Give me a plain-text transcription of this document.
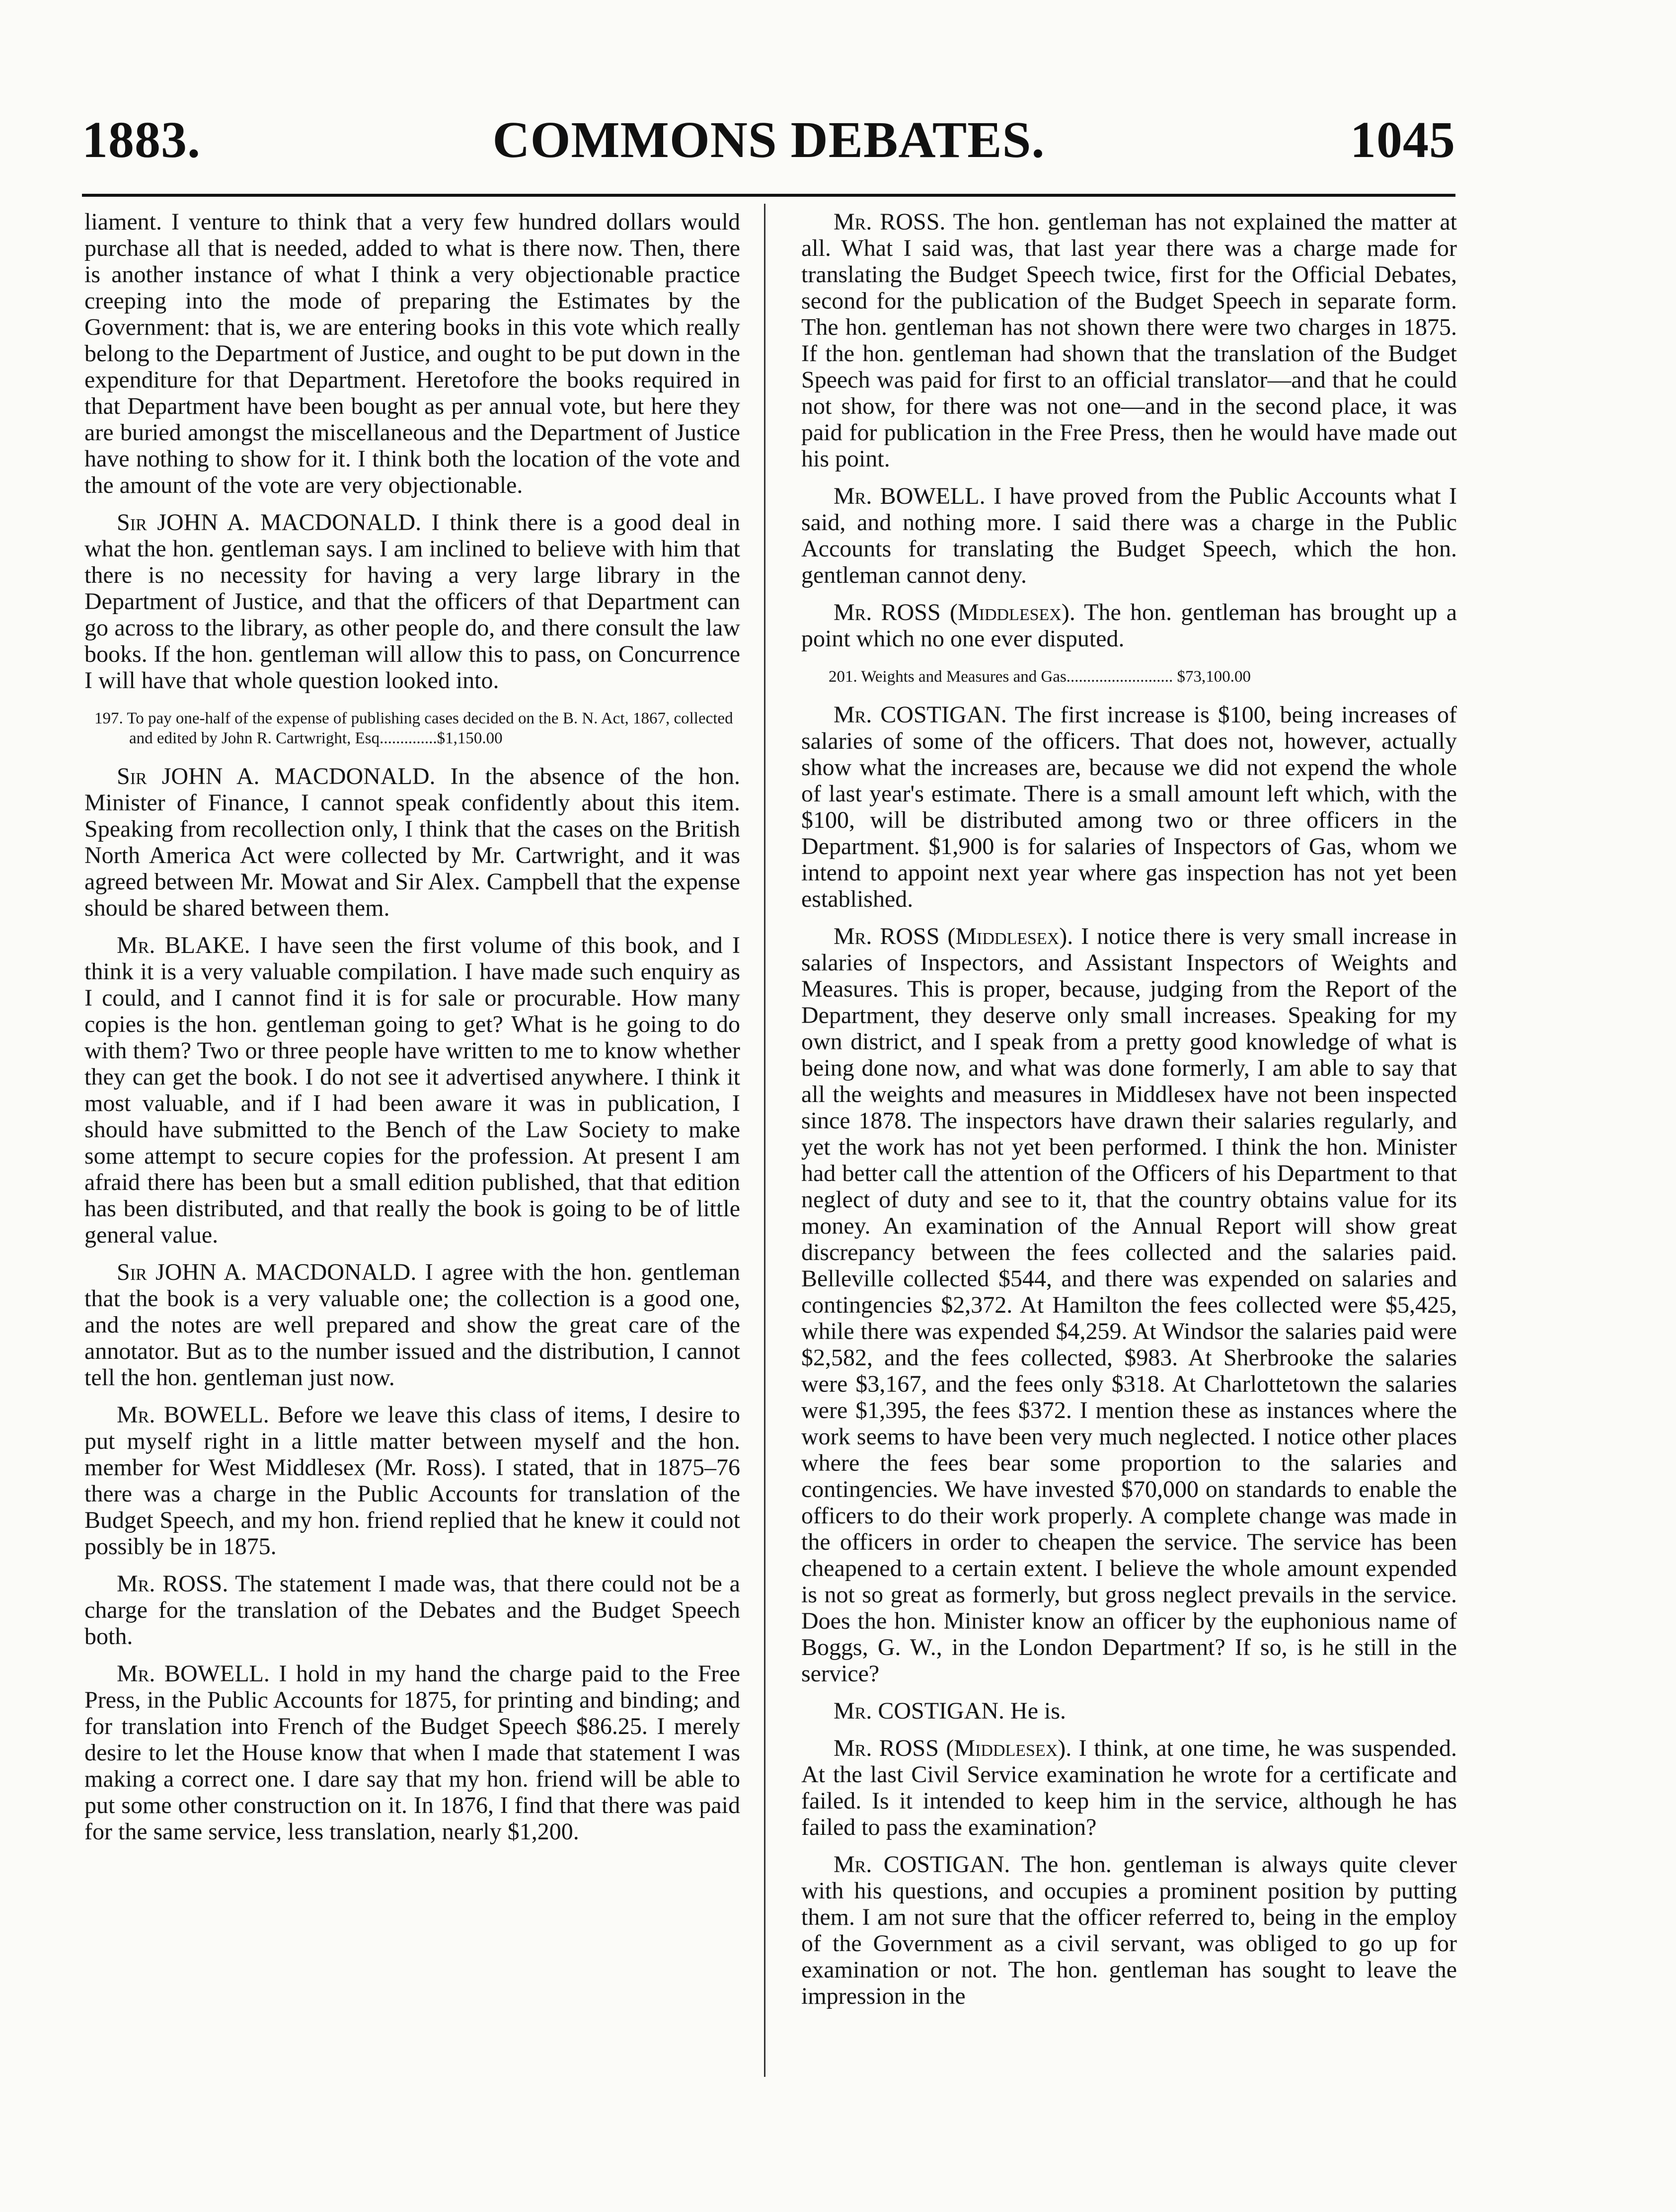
1883.	COMMONS DEBATES.	1045

liament. I venture to think that a very few hundred dollars would purchase all that is needed, added to what is there now. Then, there is another instance of what I think a very objectionable practice creeping into the mode of preparing the Estimates by the Government: that is, we are entering books in this vote which really belong to the Department of Justice, and ought to be put down in the expenditure for that Department. Heretofore the books required in that Department have been bought as per annual vote, but here they are buried amongst the miscellaneous and the Department of Justice have nothing to show for it. I think both the location of the vote and the amount of the vote are very objectionable.

Sir JOHN A. MACDONALD. I think there is a good deal in what the hon. gentleman says. I am inclined to believe with him that there is no necessity for having a very large library in the Department of Justice, and that the officers of that Department can go across to the library, as other people do, and there consult the law books. If the hon. gentleman will allow this to pass, on Concurrence I will have that whole question looked into.

197. To pay one-half of the expense of publishing cases decided on the B. N. Act, 1867, collected and edited by John R. Cartwright, Esq..............$1,150.00

Sir JOHN A. MACDONALD. In the absence of the hon. Minister of Finance, I cannot speak confidently about this item. Speaking from recollection only, I think that the cases on the British North America Act were collected by Mr. Cartwright, and it was agreed between Mr. Mowat and Sir Alex. Campbell that the expense should be shared between them.

Mr. BLAKE. I have seen the first volume of this book, and I think it is a very valuable compilation. I have made such enquiry as I could, and I cannot find it is for sale or procurable. How many copies is the hon. gentleman going to get? What is he going to do with them? Two or three people have written to me to know whether they can get the book. I do not see it advertised anywhere. I think it most valuable, and if I had been aware it was in publication, I should have submitted to the Bench of the Law Society to make some attempt to secure copies for the profession. At present I am afraid there has been but a small edition published, that that edition has been distributed, and that really the book is going to be of little general value.

Sir JOHN A. MACDONALD. I agree with the hon. gentleman that the book is a very valuable one; the collection is a good one, and the notes are well prepared and show the great care of the annotator. But as to the number issued and the distribution, I cannot tell the hon. gentleman just now.

Mr. BOWELL. Before we leave this class of items, I desire to put myself right in a little matter between myself and the hon. member for West Middlesex (Mr. Ross). I stated, that in 1875–76 there was a charge in the Public Accounts for translation of the Budget Speech, and my hon. friend replied that he knew it could not possibly be in 1875.

Mr. ROSS. The statement I made was, that there could not be a charge for the translation of the Debates and the Budget Speech both.

Mr. BOWELL. I hold in my hand the charge paid to the Free Press, in the Public Accounts for 1875, for printing and binding; and for translation into French of the Budget Speech $86.25. I merely desire to let the House know that when I made that statement I was making a correct one. I dare say that my hon. friend will be able to put some other construction on it. In 1876, I find that there was paid for the same service, less translation, nearly $1,200.

Mr. ROSS. The hon. gentleman has not explained the matter at all. What I said was, that last year there was a charge made for translating the Budget Speech twice, first for the Official Debates, second for the publication of the Budget Speech in separate form. The hon. gentleman has not shown there were two charges in 1875. If the hon. gentleman had shown that the translation of the Budget Speech was paid for first to an official translator—and that he could not show, for there was not one—and in the second place, it was paid for publication in the Free Press, then he would have made out his point.

Mr. BOWELL. I have proved from the Public Accounts what I said, and nothing more. I said there was a charge in the Public Accounts for translating the Budget Speech, which the hon. gentleman cannot deny.

Mr. ROSS (Middlesex). The hon. gentleman has brought up a point which no one ever disputed.

201. Weights and Measures and Gas.......................... $73,100.00

Mr. COSTIGAN. The first increase is $100, being increases of salaries of some of the officers. That does not, however, actually show what the increases are, because we did not expend the whole of last year's estimate. There is a small amount left which, with the $100, will be distributed among two or three officers in the Department. $1,900 is for salaries of Inspectors of Gas, whom we intend to appoint next year where gas inspection has not yet been established.

Mr. ROSS (Middlesex). I notice there is very small increase in salaries of Inspectors, and Assistant Inspectors of Weights and Measures. This is proper, because, judging from the Report of the Department, they deserve only small increases. Speaking for my own district, and I speak from a pretty good knowledge of what is being done now, and what was done formerly, I am able to say that all the weights and measures in Middlesex have not been inspected since 1878. The inspectors have drawn their salaries regularly, and yet the work has not yet been performed. I think the hon. Minister had better call the attention of the Officers of his Department to that neglect of duty and see to it, that the country obtains value for its money. An examination of the Annual Report will show great discrepancy between the fees collected and the salaries paid. Belleville collected $544, and there was expended on salaries and contingencies $2,372. At Hamilton the fees collected were $5,425, while there was expended $4,259. At Windsor the salaries paid were $2,582, and the fees collected, $983. At Sherbrooke the salaries were $3,167, and the fees only $318. At Charlottetown the salaries were $1,395, the fees $372. I mention these as instances where the work seems to have been very much neglected. I notice other places where the fees bear some proportion to the salaries and contingencies. We have invested $70,000 on standards to enable the officers to do their work properly. A complete change was made in the officers in order to cheapen the service. The service has been cheapened to a certain extent. I believe the whole amount expended is not so great as formerly, but gross neglect prevails in the service. Does the hon. Minister know an officer by the euphonious name of Boggs, G. W., in the London Department? If so, is he still in the service?

Mr. COSTIGAN. He is.

Mr. ROSS (Middlesex). I think, at one time, he was suspended. At the last Civil Service examination he wrote for a certificate and failed. Is it intended to keep him in the service, although he has failed to pass the examination?

Mr. COSTIGAN. The hon. gentleman is always quite clever with his questions, and occupies a prominent position by putting them. I am not sure that the officer referred to, being in the employ of the Government as a civil servant, was obliged to go up for examination or not. The hon. gentleman has sought to leave the impression in the
